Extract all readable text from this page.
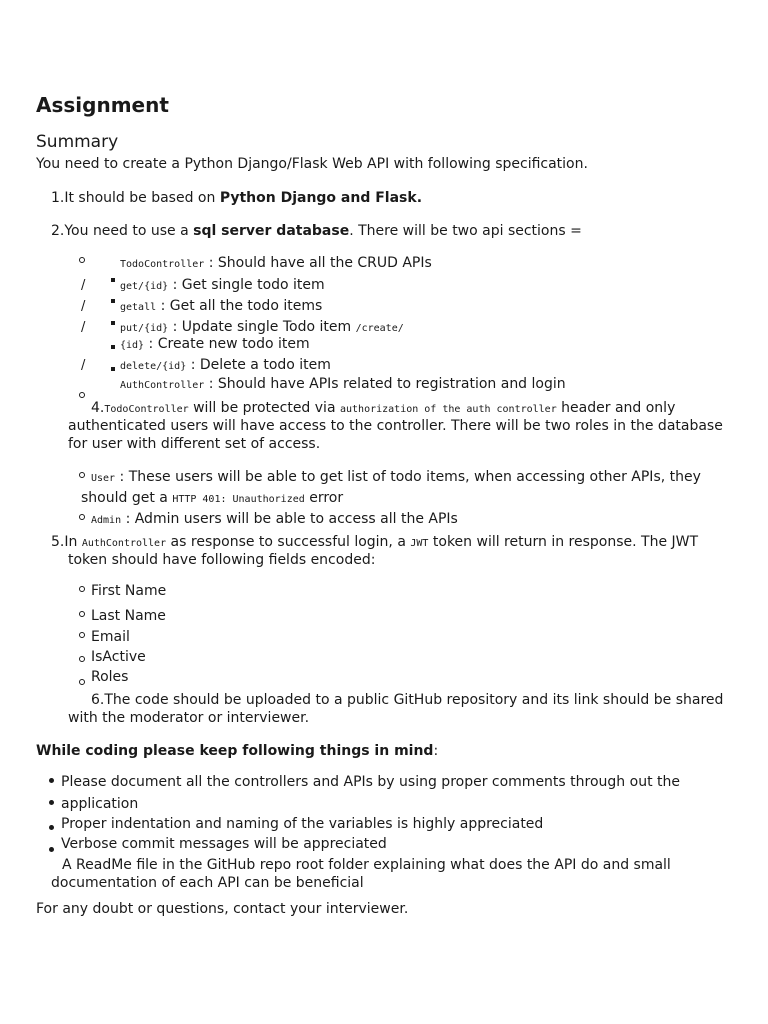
Assignment
Summary
You need to create a Python Django/Flask Web API with following specification.
1.It should be based on Python Django and Flask.
2.You need to use a sql server database. There will be two api sections =
TodoController : Should have all the CRUD APIs
/	get/{id} : Get single todo item
/	getall : Get all the todo items
/	put/{id} : Update single Todo item /create/
{id} : Create new todo item
/	delete/{id} : Delete a todo item
AuthController : Should have APIs related to registration and login
4.TodoController will be protected via authorization of the auth controller header and only
authenticated users will have access to the controller. There will be two roles in the database
for user with different set of access.
User : These users will be able to get list of todo items, when accessing other APIs, they
should get a HTTP 401: Unauthorized error
Admin : Admin users will be able to access all the APIs
5.In AuthController as response to successful login, a JWT token will return in response. The JWT
token should have following fields encoded:
First Name
Last Name
Email
IsActive
Roles
6.The code should be uploaded to a public GitHub repository and its link should be shared
with the moderator or interviewer.
While coding please keep following things in mind:
Please document all the controllers and APIs by using proper comments through out the
application
Proper indentation and naming of the variables is highly appreciated
Verbose commit messages will be appreciated
A ReadMe file in the GitHub repo root folder explaining what does the API do and small
documentation of each API can be beneficial
For any doubt or questions, contact your interviewer.
